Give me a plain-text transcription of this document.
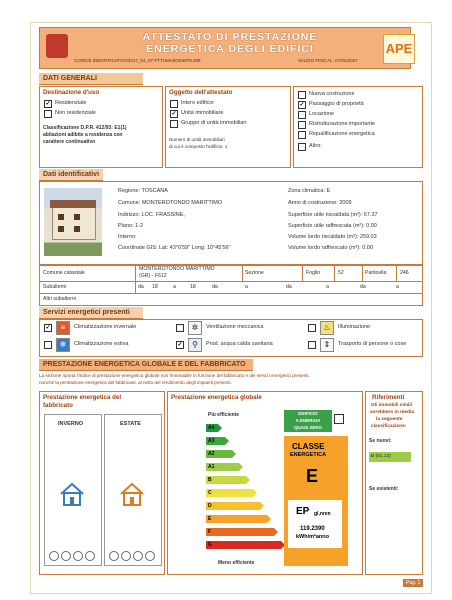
ATTESTATO DI PRESTAZIONE
ENERGETICA DEGLI EDIFICI
CODICE IDENTIFICATIVO2017_04_07-FTTUMA6OE6976.008	VALIDO FINO AL: 07/04/2027
APE
DATI GENERALI
Destinazione d'uso
✓
Residenziale
Non residenziale
Classificazione D.P.R. 412/93: E1(1)
abitazioni adibite a residenza con
carattere continuativo
Oggetto dell'attestato
Intero edificio
✓
Unità immobiliare
Gruppo di unità immobiliari
Numero di unità immobiliari
di cui è composto l'edificio: 1
Nuova costruzione
✓
Passaggio di proprietà
Locazione
Ristrutturazione importante
Riqualificazione energetica
Altro:
Dati identificativi
Regione: TOSCANA
Comune: MONTEROTONDO MARITTIMO
Indirizzo: LOC. FRASSINE,
Piano: 1-2
Interno:
Coordinate GIS: Lat: 43°6'59" Long: 10°45'56"
Zona climatica: E
Anno di costruzione: 2009
Superficie utile riscaldata (m²): 67.37
Superficie utile raffrescata (m²): 0.00
Volume lordo riscaldato (m³): 259.03
Volume lordo raffrescato (m³): 0.00
Comune catastale
MONTEROTONDO MARITTIMO
(GR) - F612	Sezione	Foglio	52	Particella	246
Subalterni	da 18	a	18	da	a	da	a	da	a
Altri subalterni
Servizi energetici presenti
✓
≡	Climatizzazione invernale
❄	Climatizzazione estiva
✲	Ventilazione meccanica
✓
⚲	Prod. acqua calda sanitaria
♨	Illuminazione
⇕	Trasporto di persone o cose
PRESTAZIONE ENERGETICA GLOBALE E DEL FABBRICATO
La sezione riporta l'indice di prestazione energetica globale non rinnovabile in funzione del fabbricato e dei servizi energetici presenti,
nonché la prestazione energetica del fabbricato, al netto del rendimento degli impianti presenti.
Prestazione energetica del
fabbricato
INVERNO	ESTATE
Prestazione energetica globale
Più efficiente
Meno efficiente
A4
A3
A2
A1
B
C
D
E
F
G
EDIFICIO
A ENERGIA
QUASI ZERO
CLASSE
ENERGETICA
E
EP gl,nren
119.2390
kWh/m²anno
Riferimenti
Gli immobili simili
avrebbero in media
la seguente
classificazione:
Se nuovi:
B (61.13)
Se esistenti:
Pag. 1
